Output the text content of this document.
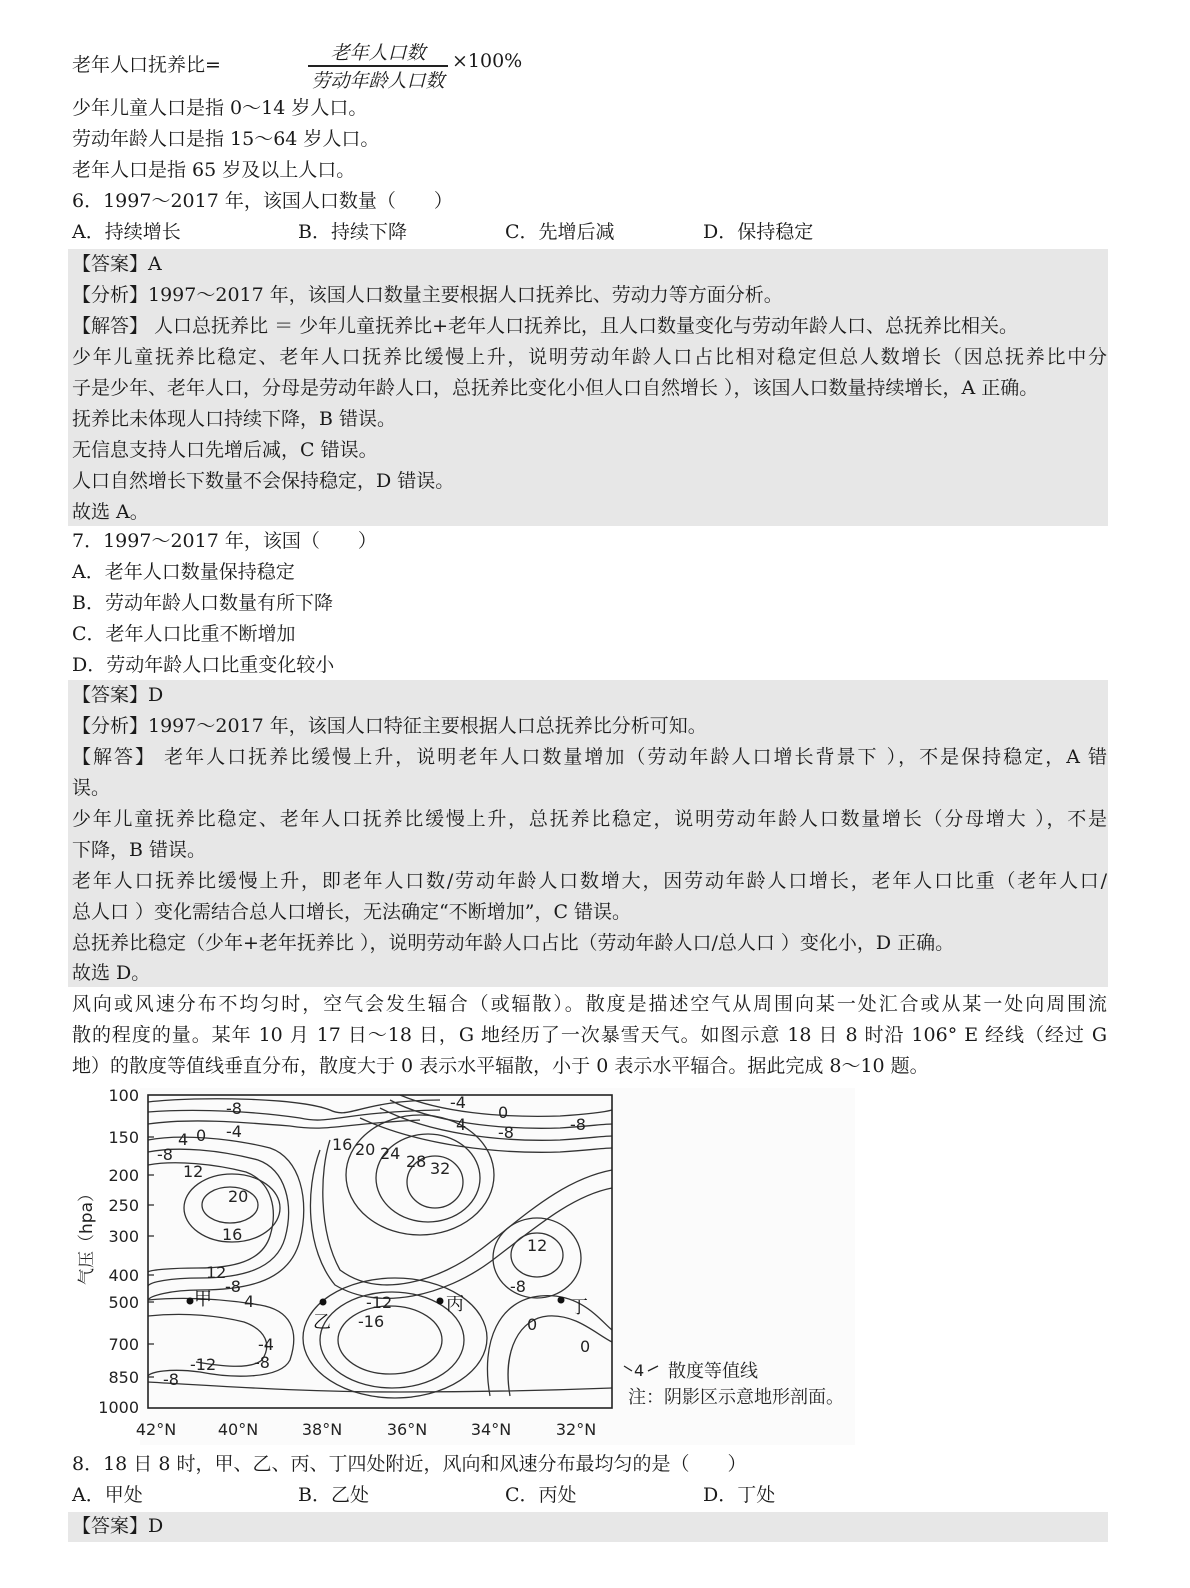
老年人口抚养比=
老年人口数
劳动年龄人口数
×100%
少年儿童人口是指 0～14 岁人口。
劳动年龄人口是指 15～64 岁人口。
老年人口是指 65 岁及以上人口。
6．1997～2017 年，该国人口数量（　　）
A．持续增长	B．持续下降	C．先增后减	D．保持稳定
【答案】A
【分析】1997～2017 年，该国人口数量主要根据人口抚养比、劳动力等方面分析。
【解答】 人口总抚养比 ＝ 少年儿童抚养比+老年人口抚养比，且人口数量变化与劳动年龄人口、总抚养比相关。
少年儿童抚养比稳定、老年人口抚养比缓慢上升，说明劳动年龄人口占比相对稳定但总人数增长（因总抚养比中分
子是少年、老年人口，分母是劳动年龄人口，总抚养比变化小但人口自然增长 ），该国人口数量持续增长，A 正确。
抚养比未体现人口持续下降，B 错误。
无信息支持人口先增后减，C 错误。
人口自然增长下数量不会保持稳定，D 错误。
故选 A。
7．1997～2017 年，该国（　　）
A．老年人口数量保持稳定
B．劳动年龄人口数量有所下降
C．老年人口比重不断增加
D．劳动年龄人口比重变化较小
【答案】D
【分析】1997～2017 年，该国人口特征主要根据人口总抚养比分析可知。
【解答】 老年人口抚养比缓慢上升，说明老年人口数量增加（劳动年龄人口增长背景下 ），不是保持稳定，A 错
误。
少年儿童抚养比稳定、老年人口抚养比缓慢上升，总抚养比稳定，说明劳动年龄人口数量增长（分母增大 ），不是
下降，B 错误。
老年人口抚养比缓慢上升，即老年人口数/劳动年龄人口数增大，因劳动年龄人口增长，老年人口比重（老年人口/
总人口 ）变化需结合总人口增长，无法确定“不断增加”，C 错误。
总抚养比稳定（少年+老年抚养比 ），说明劳动年龄人口占比（劳动年龄人口/总人口 ）变化小，D 正确。
故选 D。
风向或风速分布不均匀时，空气会发生辐合（或辐散）。散度是描述空气从周围向某一处汇合或从某一处向周围流
散的程度的量。某年 10 月 17 日～18 日，G 地经历了一次暴雪天气。如图示意 18 日 8 时沿 106° E 经线（经过 G
地）的散度等值线垂直分布，散度大于 0 表示水平辐散，小于 0 表示水平辐合。据此完成 8～10 题。
100
150
200
250
300
400
500
700
850
1000
气压（hpa）
42°N	40°N	38°N	36°N	34°N	32°N
-8
-4
4 0
4
-8
-8
-4
0
16 20 24 28 32
-8
12
20
16
12
12
-8
4	-12
-16
-8
0
0
-4
-12 -8
-8
甲
乙
丙	丁
4 散度等值线
注：阴影区示意地形剖面。
8．18 日 8 时，甲、乙、丙、丁四处附近，风向和风速分布最均匀的是（　　）
A．甲处	B．乙处	C．丙处	D．丁处
【答案】D
